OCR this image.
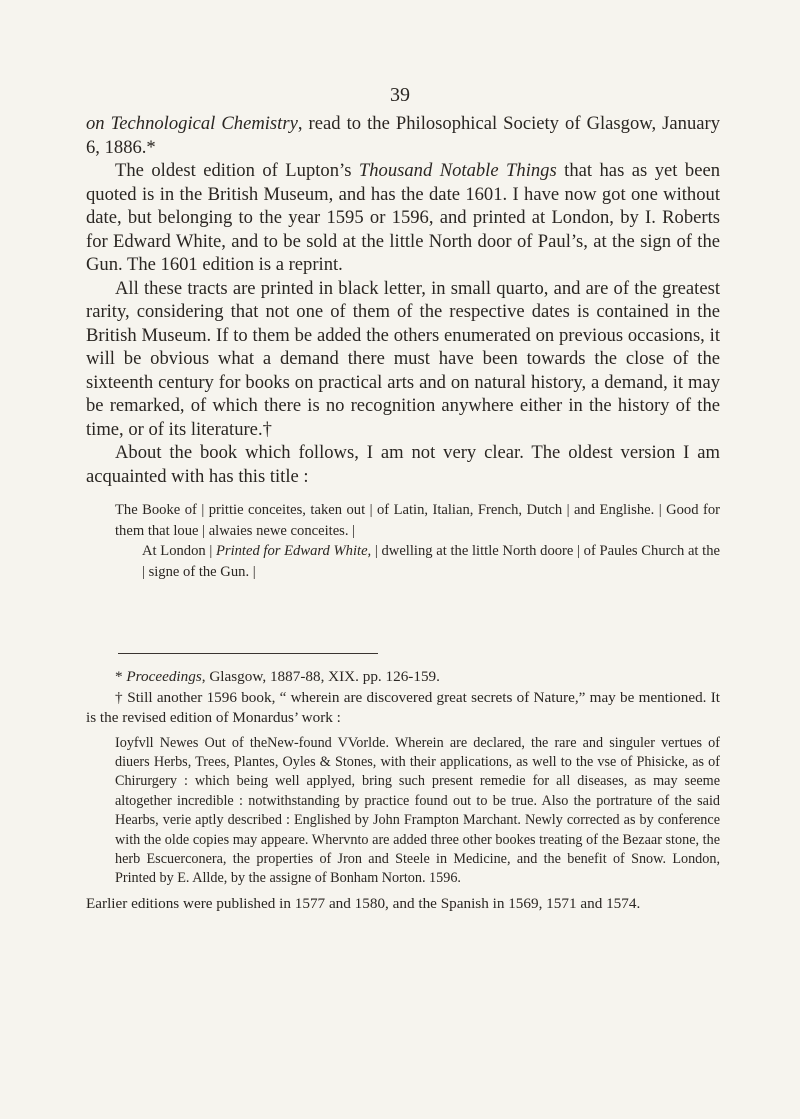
39

on Technological Chemistry, read to the Philosophical Society of Glasgow, January 6, 1886.*

The oldest edition of Lupton’s Thousand Notable Things that has as yet been quoted is in the British Museum, and has the date 1601. I have now got one without date, but belonging to the year 1595 or 1596, and printed at London, by I. Roberts for Edward White, and to be sold at the little North door of Paul’s, at the sign of the Gun. The 1601 edition is a reprint.

All these tracts are printed in black letter, in small quarto, and are of the greatest rarity, considering that not one of them of the respective dates is contained in the British Museum. If to them be added the others enumerated on previous occasions, it will be obvious what a demand there must have been towards the close of the sixteenth century for books on practical arts and on natural history, a demand, it may be remarked, of which there is no recognition anywhere either in the history of the time, or of its literature.†

About the book which follows, I am not very clear. The oldest version I am acquainted with has this title :

The Booke of | prittie conceites, taken out | of Latin, Italian, French, Dutch | and Englishe. | Good for them that loue | alwaies newe conceites. |
At London | Printed for Edward White, | dwelling at the little North doore | of Paules Church at the | signe of the Gun. |

* Proceedings, Glasgow, 1887-88, XIX. pp. 126-159.

† Still another 1596 book, “ wherein are discovered great secrets of Nature,” may be mentioned. It is the revised edition of Monardus’ work :

Ioyfvll Newes Out of theNew-found VVorlde. Wherein are declared, the rare and singuler vertues of diuers Herbs, Trees, Plantes, Oyles & Stones, with their applications, as well to the vse of Phisicke, as of Chirurgery : which being well applyed, bring such present remedie for all diseases, as may seeme altogether incredible : notwithstanding by practice found out to be true. Also the portrature of the said Hearbs, verie aptly described : Englished by John Frampton Marchant. Newly corrected as by conference with the olde copies may appeare. Whervnto are added three other bookes treating of the Bezaar stone, the herb Escuerconera, the properties of Jron and Steele in Medicine, and the benefit of Snow. London, Printed by E. Allde, by the assigne of Bonham Norton. 1596.

Earlier editions were published in 1577 and 1580, and the Spanish in 1569, 1571 and 1574.
